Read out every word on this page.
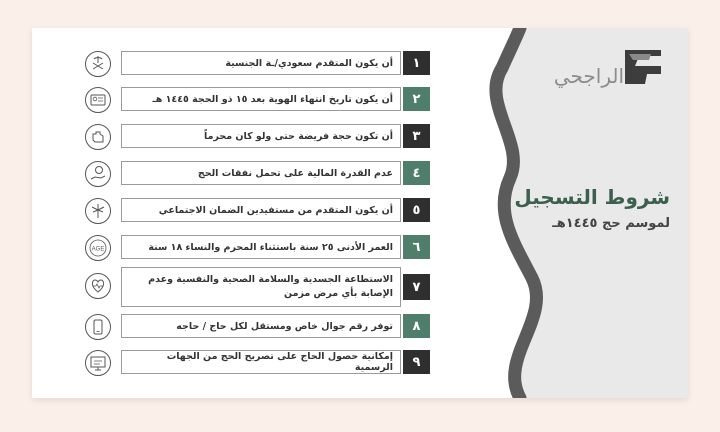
الراجحي
شروط التسجيل
لموسم حج ١٤٤٥هـ
أن يكون المتقدم سعودي/ـة الجنسية	١
أن يكون تاريخ انتهاء الهوية بعد ١٥ ذو الحجة ١٤٤٥ هـ	٢
أن تكون حجة فريضة حتى ولو كان محرماً	٣
عدم القدرة المالية على تحمل نفقات الحج	٤
أن يكون المتقدم من مستفيدين الضمان الاجتماعي	٥
AGE	العمر الأدنى ٢٥ سنة باستثناء المحرم والنساء ١٨ سنة	٦
الاستطاعة الجسدية والسلامة الصحية والنفسية وعدم الإصابة بأي مرض مزمن	٧
توفر رقم جوال خاص ومستقل لكل حاج / حاجه	٨
إمكانية حصول الحاج على تصريح الحج من الجهات الرسمية	٩
